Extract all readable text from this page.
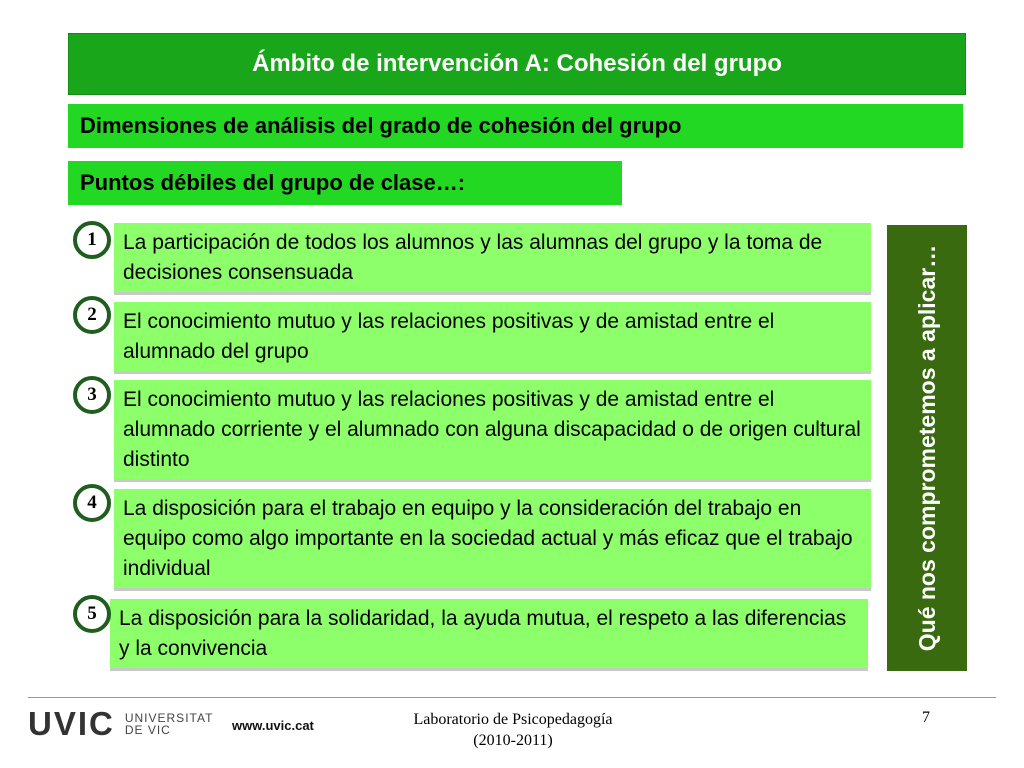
Ámbito de intervención A: Cohesión del grupo
Dimensiones de análisis del grado de cohesión del grupo
Puntos débiles del grupo de clase…:
1	La participación de todos los alumnos y las alumnas del grupo y la toma de decisiones consensuada
2	El conocimiento mutuo y las relaciones positivas y de amistad entre el alumnado del grupo
3	El conocimiento mutuo y las relaciones positivas y de amistad entre el alumnado corriente y el alumnado con alguna discapacidad o de origen cultural distinto
4	La disposición para el trabajo en equipo y la consideración del trabajo en equipo como algo importante en la sociedad actual y más eficaz que el trabajo individual
5	La disposición para la solidaridad, la ayuda mutua, el respeto a las diferencias y la convivencia	Qué nos comprometemos a aplicar…
UVIC UNIVERSITAT
DE VIC	www.uvic.cat	Laboratorio de Psicopedagogía
(2010-2011)
7
